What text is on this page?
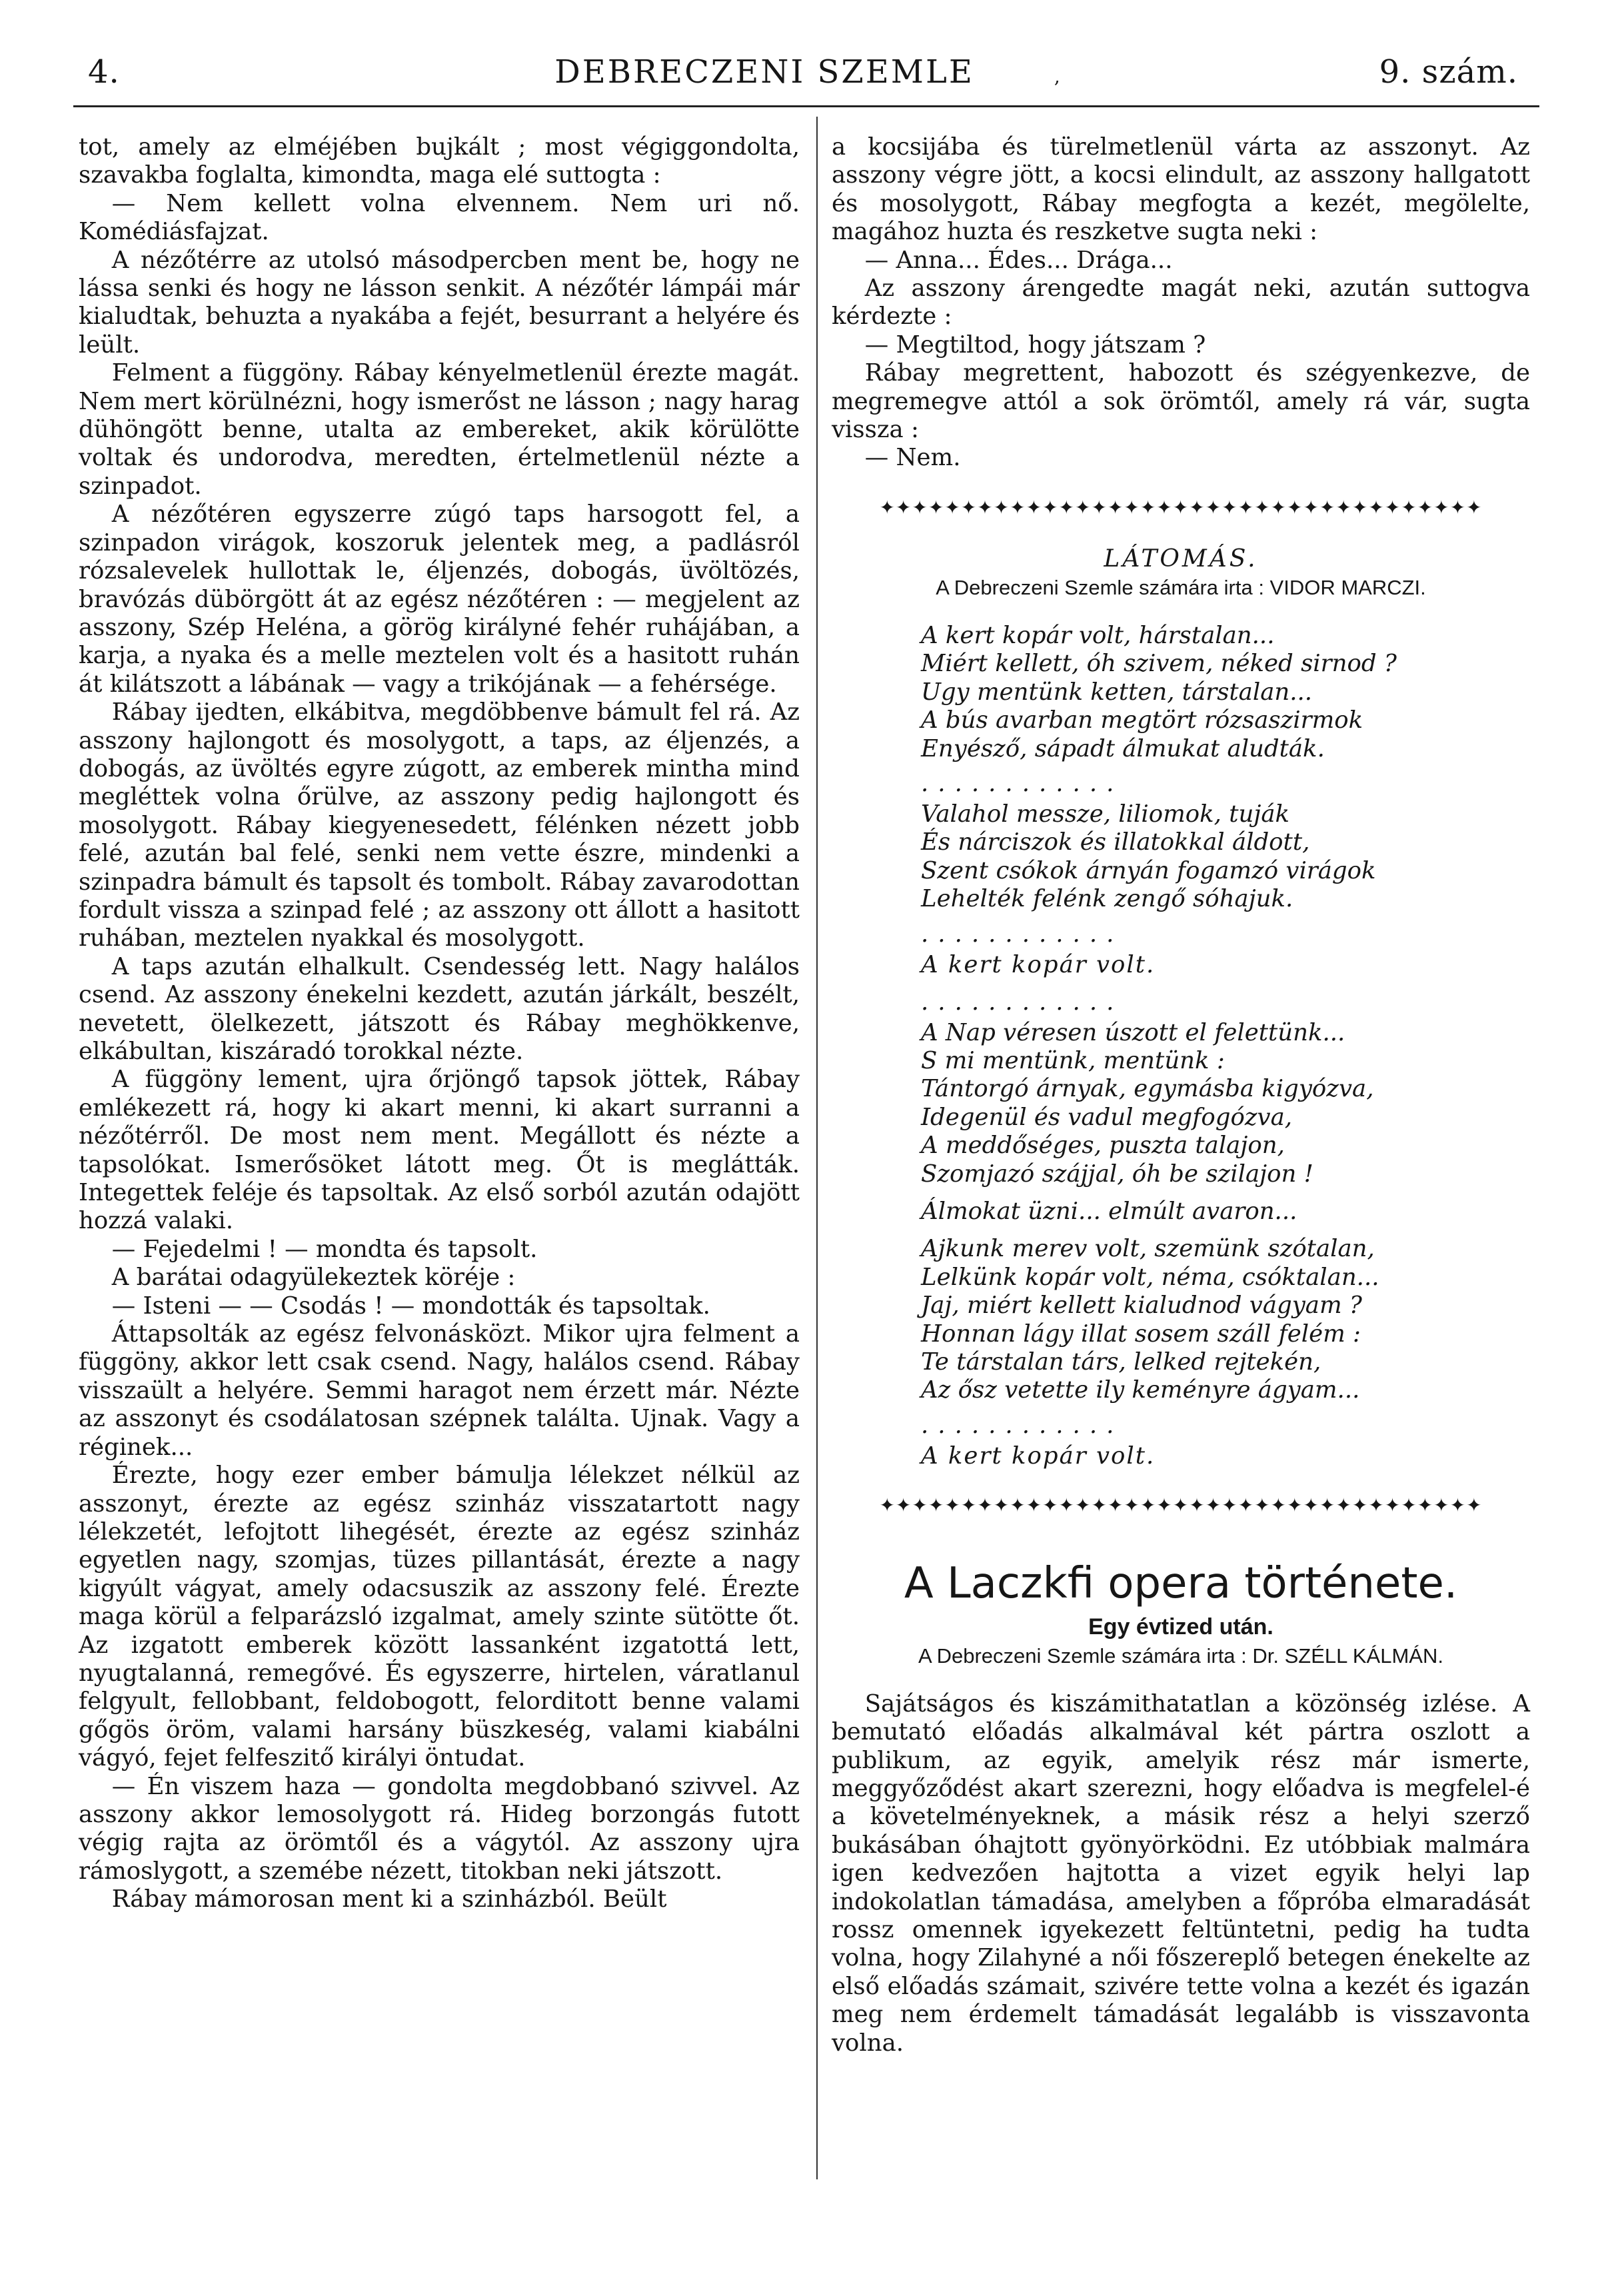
4.	DEBRECZENI SZEMLE	,	9. szám.

tot, amely az elméjében bujkált ; most végiggondolta, szavakba foglalta, kimondta, maga elé suttogta :

— Nem kellett volna elvennem. Nem uri nő. Komédiásfajzat.

A nézőtérre az utolsó másodpercben ment be, hogy ne lássa senki és hogy ne lásson senkit. A nézőtér lámpái már kialudtak, behuzta a nyakába a fejét, besurrant a helyére és leült.

Felment a függöny. Rábay kényelmetlenül érezte magát. Nem mert körülnézni, hogy ismerőst ne lásson ; nagy harag dühöngött benne, utalta az embereket, akik körülötte voltak és undorodva, meredten, értelmetlenül nézte a szinpadot.

A nézőtéren egyszerre zúgó taps harsogott fel, a szinpadon virágok, koszoruk jelentek meg, a padlásról rózsalevelek hullottak le, éljenzés, dobogás, üvöltözés, bravózás dübörgött át az egész nézőtéren : — megjelent az asszony, Szép Heléna, a görög királyné fehér ruhájában, a karja, a nyaka és a melle meztelen volt és a hasitott ruhán át kilátszott a lábának — vagy a trikójának — a fehérsége.

Rábay ijedten, elkábitva, megdöbbenve bámult fel rá. Az asszony hajlongott és mosolygott, a taps, az éljenzés, a dobogás, az üvöltés egyre zúgott, az emberek mintha mind megléttek volna őrülve, az asszony pedig hajlongott és mosolygott. Rábay kiegyenesedett, félénken nézett jobb felé, azután bal felé, senki nem vette észre, mindenki a szinpadra bámult és tapsolt és tombolt. Rábay zavarodottan fordult vissza a szinpad felé ; az asszony ott állott a hasitott ruhában, meztelen nyakkal és mosolygott.

A taps azután elhalkult. Csendesség lett. Nagy halálos csend. Az asszony énekelni kezdett, azután járkált, beszélt, nevetett, ölelkezett, játszott és Rábay meghökkenve, elkábultan, kiszáradó torokkal nézte.

A függöny lement, ujra őrjöngő tapsok jöttek, Rábay emlékezett rá, hogy ki akart menni, ki akart surranni a nézőtérről. De most nem ment. Megállott és nézte a tapsolókat. Ismerősöket látott meg. Őt is meglátták. Integettek feléje és tapsoltak. Az első sorból azután odajött hozzá valaki.

— Fejedelmi ! — mondta és tapsolt.

A barátai odagyülekeztek köréje :

— Isteni — — Csodás ! — mondották és tapsoltak.

Áttapsolták az egész felvonásközt. Mikor ujra felment a függöny, akkor lett csak csend. Nagy, halálos csend. Rábay visszaült a helyére. Semmi haragot nem érzett már. Nézte az asszonyt és csodálatosan szépnek találta. Ujnak. Vagy a réginek...

Érezte, hogy ezer ember bámulja lélekzet nélkül az asszonyt, érezte az egész szinház visszatartott nagy lélekzetét, lefojtott lihegését, érezte az egész szinház egyetlen nagy, szomjas, tüzes pillantását, érezte a nagy kigyúlt vágyat, amely odacsuszik az asszony felé. Érezte maga körül a felparázsló izgalmat, amely szinte sütötte őt. Az izgatott emberek között lassanként izgatottá lett, nyugtalanná, remegővé. És egyszerre, hirtelen, váratlanul felgyult, fellobbant, feldobogott, felorditott benne valami gőgös öröm, valami harsány büszkeség, valami kiabálni vágyó, fejet felfeszitő királyi öntudat.

— Én viszem haza — gondolta megdobbanó szivvel. Az asszony akkor lemosolygott rá. Hideg borzongás futott végig rajta az örömtől és a vágytól. Az asszony ujra rámoslygott, a szemébe nézett, titokban neki játszott.

Rábay mámorosan ment ki a szinházból. Beült

a kocsijába és türelmetlenül várta az asszonyt. Az asszony végre jött, a kocsi elindult, az asszony hallgatott és mosolygott, Rábay megfogta a kezét, megölelte, magához huzta és reszketve sugta neki :

— Anna... Édes... Drága...

Az asszony árengedte magát neki, azután suttogva kérdezte :

— Megtiltod, hogy játszam ?

Rábay megrettent, habozott és szégyenkezve, de megremegve attól a sok örömtől, amely rá vár, sugta vissza :

— Nem.

✦✦✦✦✦✦✦✦✦✦✦✦✦✦✦✦✦✦✦✦✦✦✦✦✦✦✦✦✦✦✦✦✦✦✦✦✦
LÁTOMÁS.
A Debreczeni Szemle számára irta : VIDOR MARCZI.
A kert kopár volt, hárstalan...
Miért kellett, óh szivem, néked sirnod ?
Ugy mentünk ketten, társtalan...
A bús avarban megtört rózsaszirmok
Enyésző, sápadt álmukat aludták.
............
Valahol messze, liliomok, tuják
És nárciszok és illatokkal áldott,
Szent csókok árnyán fogamzó virágok
Lehelték felénk zengő sóhajuk.
............
A kert kopár volt.
............
A Nap véresen úszott el felettünk...
S mi mentünk, mentünk :
Tántorgó árnyak, egymásba kigyózva,
Idegenül és vadul megfogózva,
A meddőséges, puszta talajon,
Szomjazó szájjal, óh be szilajon !
Álmokat üzni... elmúlt avaron...
Ajkunk merev volt, szemünk szótalan,
Lelkünk kopár volt, néma, csóktalan...
Jaj, miért kellett kialudnod vágyam ?
Honnan lágy illat sosem száll felém :
Te társtalan társ, lelked rejtekén,
Az ősz vetette ily keményre ágyam...
............
A kert kopár volt.
✦✦✦✦✦✦✦✦✦✦✦✦✦✦✦✦✦✦✦✦✦✦✦✦✦✦✦✦✦✦✦✦✦✦✦✦✦
A Laczkfi opera története.
Egy évtized után.
A Debreczeni Szemle számára irta : Dr. SZÉLL KÁLMÁN.

Sajátságos és kiszámithatatlan a közönség izlése. A bemutató előadás alkalmával két pártra oszlott a publikum, az egyik, amelyik rész már ismerte, meggyőződést akart szerezni, hogy előadva is megfelel-é a követelményeknek, a másik rész a helyi szerző bukásában óhajtott gyönyörködni. Ez utóbbiak malmára igen kedvezően hajtotta a vizet egyik helyi lap indokolatlan támadása, amelyben a főpróba elmaradását rossz omennek igyekezett feltüntetni, pedig ha tudta volna, hogy Zilahyné a női főszereplő betegen énekelte az első előadás számait, szivére tette volna a kezét és igazán meg nem érdemelt támadását legalább is visszavonta volna.
